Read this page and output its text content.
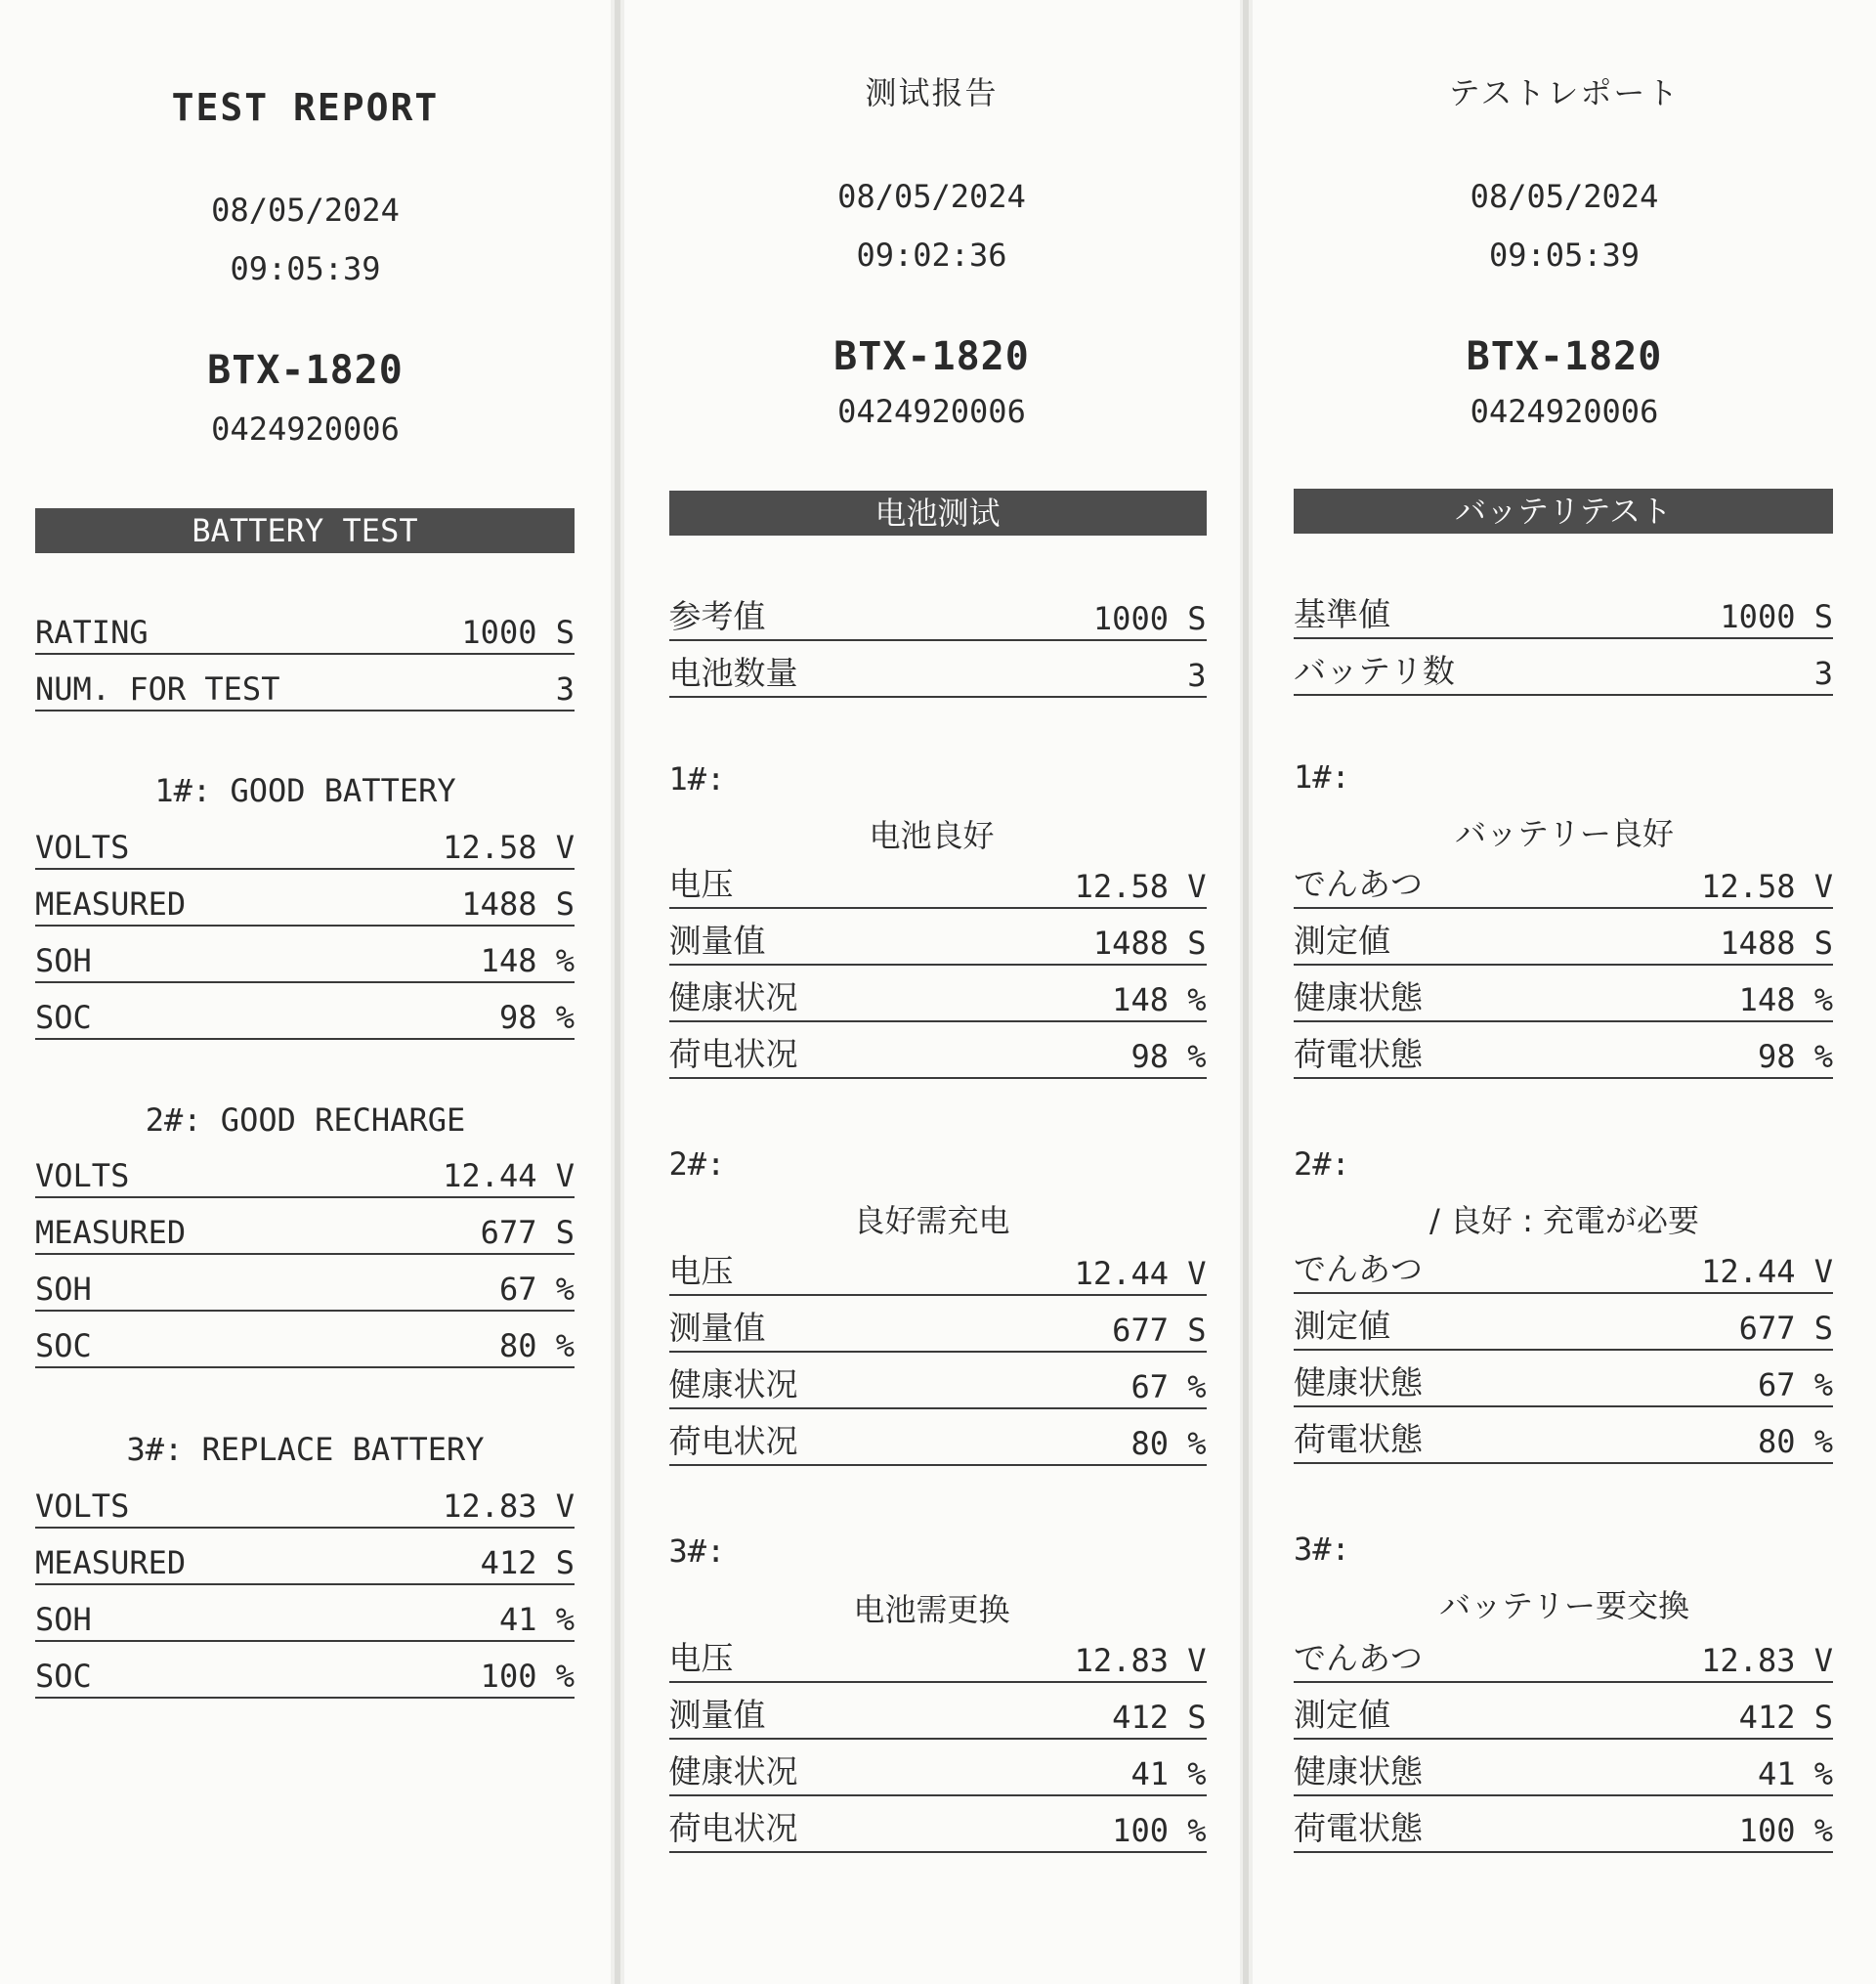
TEST REPORT
08/05/2024
09:05:39
BTX-1820
0424920006
BATTERY TEST
RATING	1000 S
NUM. FOR TEST	3
1#: GOOD BATTERY
VOLTS	12.58 V
MEASURED	1488 S
SOH	148 %
SOC	98 %
2#: GOOD RECHARGE
VOLTS	12.44 V
MEASURED	677 S
SOH	67 %
SOC	80 %
3#: REPLACE BATTERY
VOLTS	12.83 V
MEASURED	412 S
SOH	41 %
SOC	100 %
测试报告
08/05/2024
09:02:36
BTX-1820
0424920006
电池测试
参考值	1000 S
电池数量	3
1#:
电池良好
电压	12.58 V
测量值	1488 S
健康状况	148 %
荷电状况	98 %
2#:
良好需充电
电压	12.44 V
测量值	677 S
健康状况	67 %
荷电状况	80 %
3#:
电池需更换
电压	12.83 V
测量值	412 S
健康状况	41 %
荷电状况	100 %
テストレポート
08/05/2024
09:05:39
BTX-1820
0424920006
バッテリテスト
基準値	1000 S
バッテリ数	3
1#:
バッテリー良好
でんあつ	12.58 V
測定値	1488 S
健康状態	148 %
荷電状態	98 %
2#:
/ 良好 : 充電が必要
でんあつ	12.44 V
測定値	677 S
健康状態	67 %
荷電状態	80 %
3#:
バッテリー要交換
でんあつ	12.83 V
測定値	412 S
健康状態	41 %
荷電状態	100 %
